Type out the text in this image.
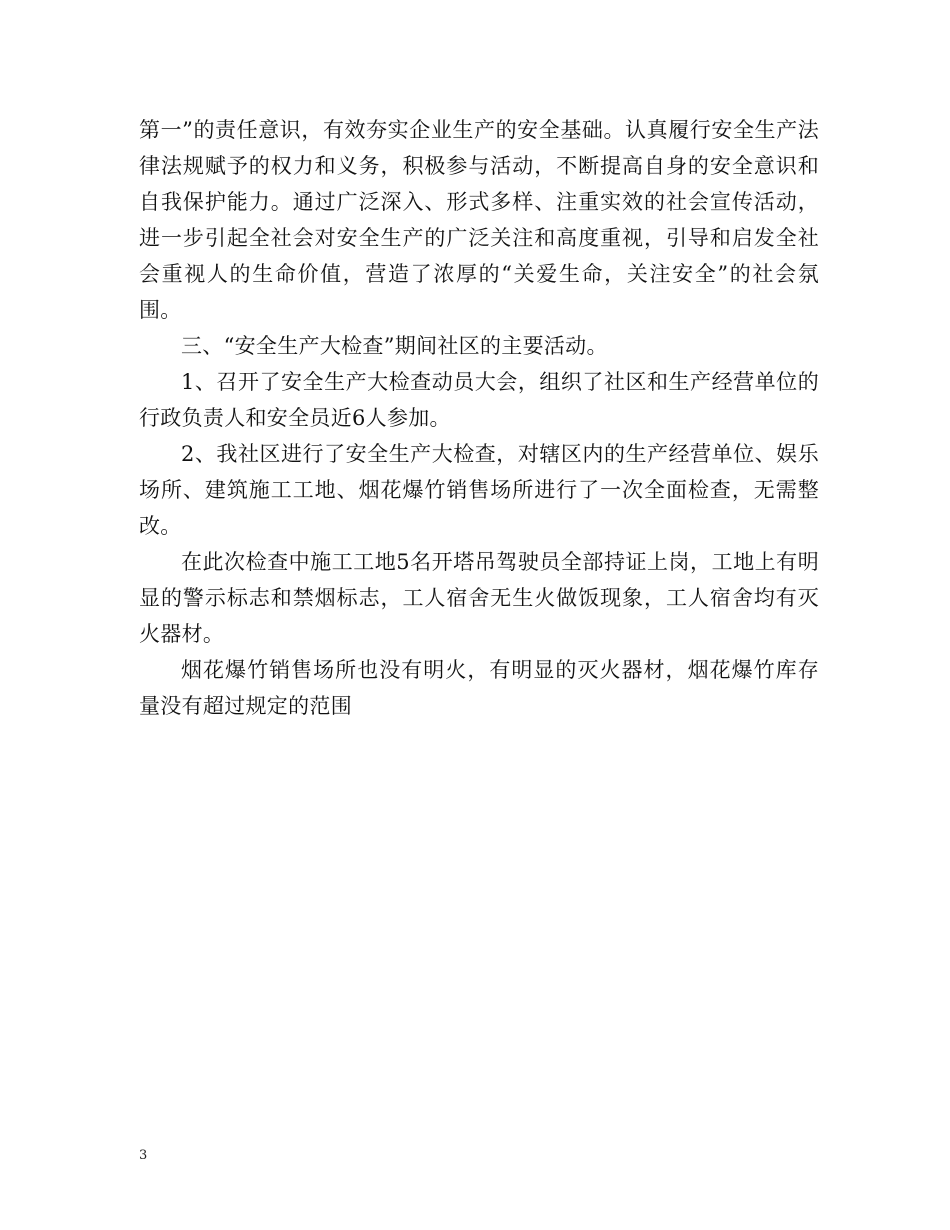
第一”的责任意识，有效夯实企业生产的安全基础。认真履行安全生产法律法规赋予的权力和义务，积极参与活动，不断提高自身的安全意识和自我保护能力。通过广泛深入、形式多样、注重实效的社会宣传活动，进一步引起全社会对安全生产的广泛关注和高度重视，引导和启发全社会重视人的生命价值，营造了浓厚的“关爱生命，关注安全”的社会氛围。

三、“安全生产大检查”期间社区的主要活动。

1、召开了安全生产大检查动员大会，组织了社区和生产经营单位的行政负责人和安全员近6人参加。

2、我社区进行了安全生产大检查，对辖区内的生产经营单位、娱乐场所、建筑施工工地、烟花爆竹销售场所进行了一次全面检查，无需整改。

在此次检查中施工工地5名开塔吊驾驶员全部持证上岗，工地上有明显的警示标志和禁烟标志，工人宿舍无生火做饭现象，工人宿舍均有灭火器材。

烟花爆竹销售场所也没有明火，有明显的灭火器材，烟花爆竹库存量没有超过规定的范围

3
